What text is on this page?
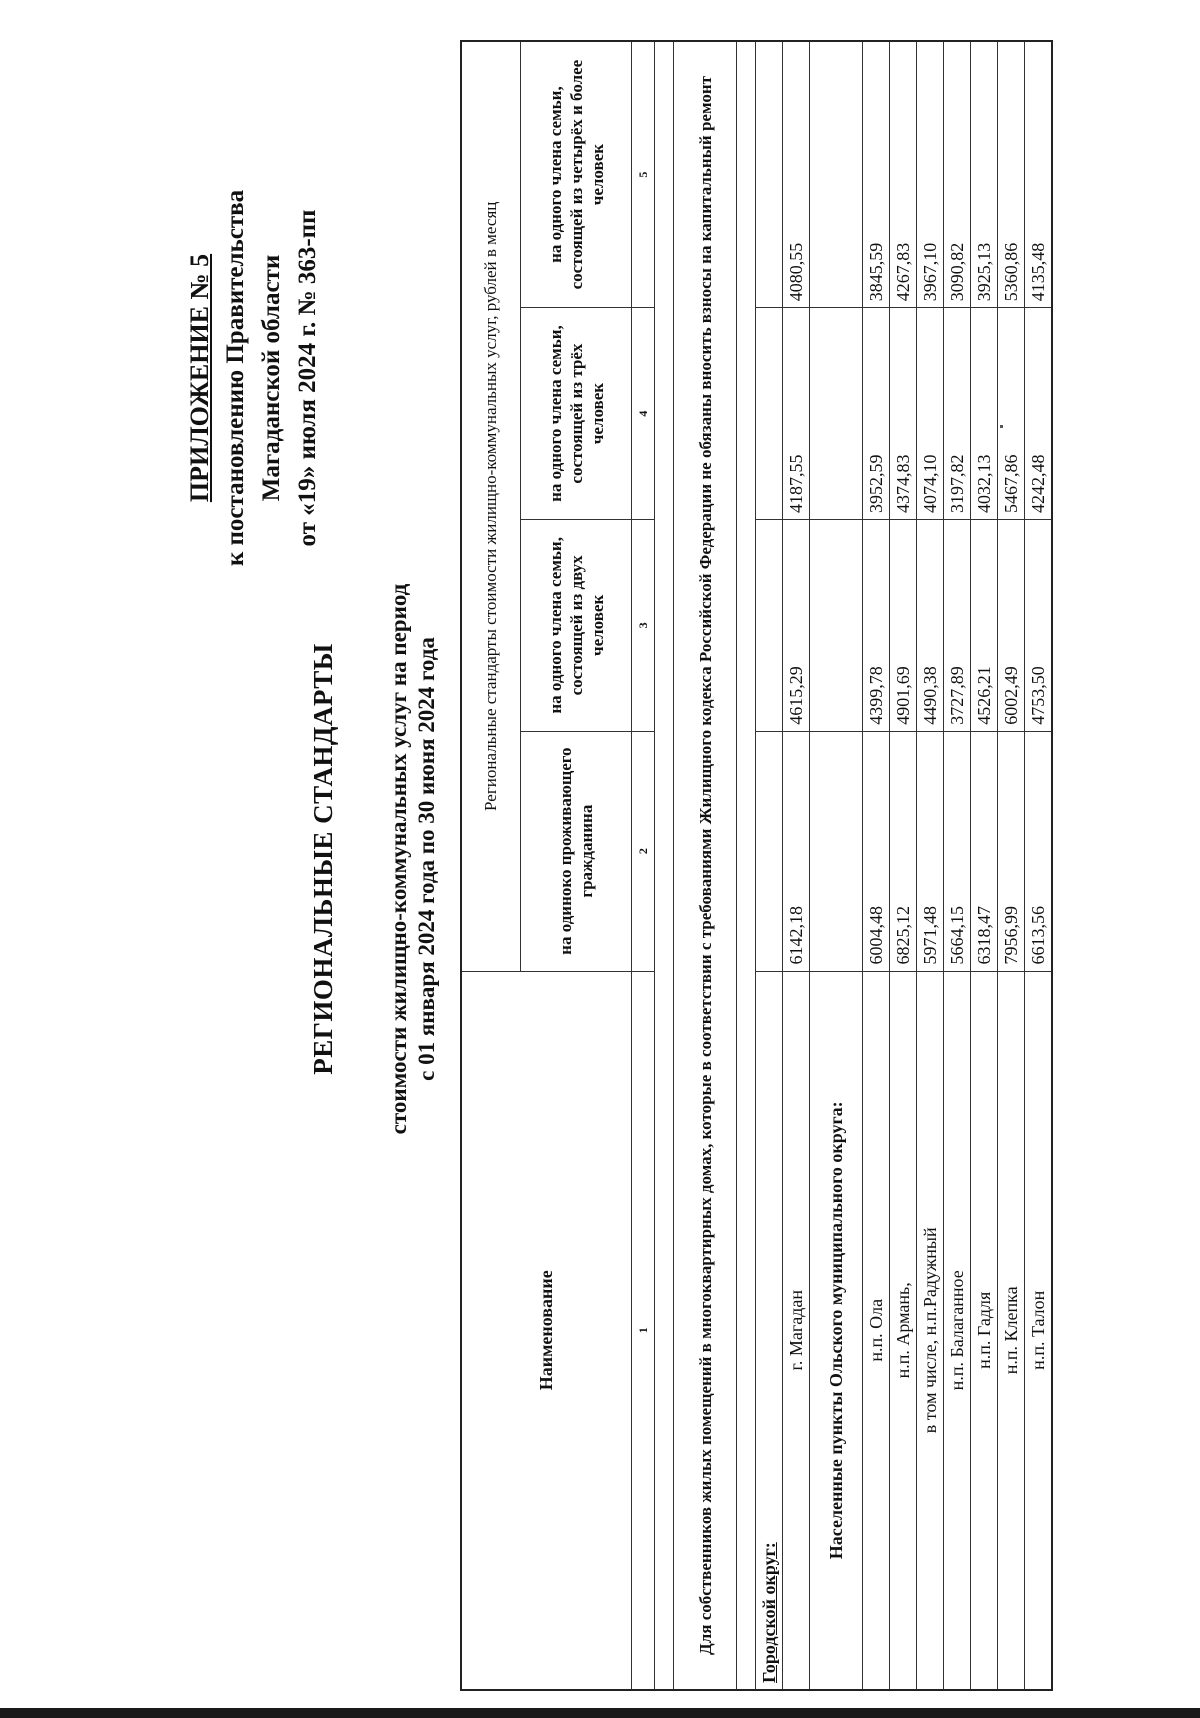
ПРИЛОЖЕНИЕ № 5 к постановлению Правительства Магаданской области от «19» июля 2024 г. № 363-пп
РЕГИОНАЛЬНЫЕ СТАНДАРТЫ стоимости жилищно-коммунальных услуг на период с 01 января 2024 года по 30 июня 2024 года
Наименование	Региональные стандарты стоимости жилищно-коммунальных услуг, рублей в месяц			
	на одиноко проживающего гражданина	на одного члена семьи, состоящей из двух человек	на одного члена семьи, состоящей из трёх человек	на одного члена семьи, состоящей из четырёх и более человек
1	2	3	4	5

Для собственников жилых помещений в многоквартирных домах, которые в соответствии с требованиями Жилищного кодекса Российской Федерации не обязаны вносить взносы на капитальный ремонт				

Городской округ:				
г. Магадан	6142,18	4615,29	4187,55	4080,55
Населенные пункты Ольского муниципального округа:				
н.п. Ола	6004,48	4399,78	3952,59	3845,59
н.п. Армань,	6825,12	4901,69	4374,83	4267,83
в том числе, н.п.Радужный	5971,48	4490,38	4074,10	3967,10
н.п. Балаганное	5664,15	3727,89	3197,82	3090,82
н.п. Гадля	6318,47	4526,21	4032,13	3925,13
н.п. Клепка	7956,99	6002,49	5467,86	5360,86
н.п. Талон	6613,56	4753,50	4242,48	4135,48
